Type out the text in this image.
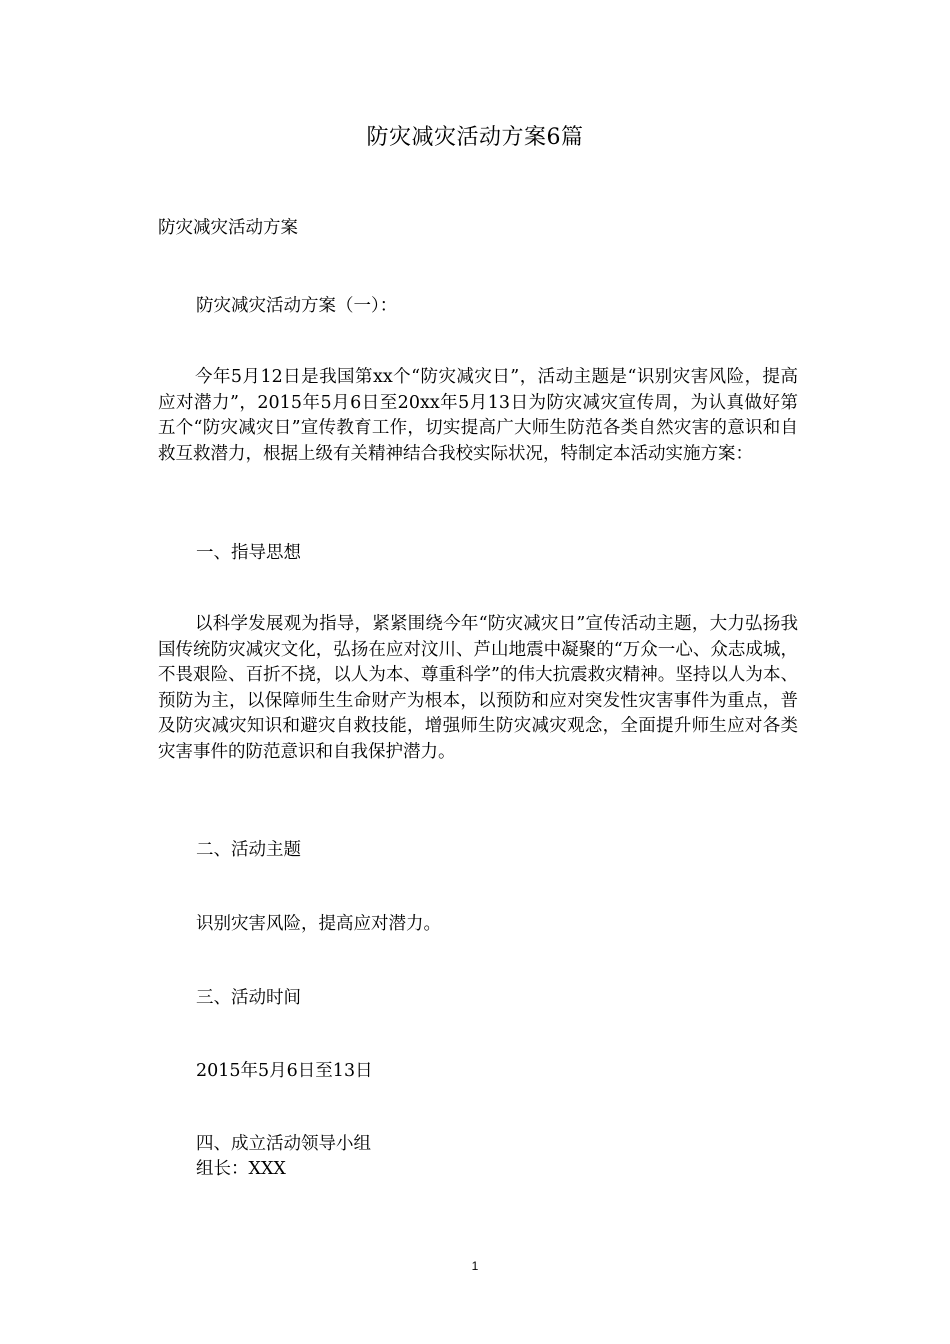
防灾减灾活动方案6篇
防灾减灾活动方案
防灾减灾活动方案（一）：
今年5月12日是我国第xx个“防灾减灾日”，活动主题是“识别灾害风险，提高应对潜力”，2015年5月6日至20xx年5月13日为防灾减灾宣传周，为认真做好第五个“防灾减灾日”宣传教育工作，切实提高广大师生防范各类自然灾害的意识和自救互救潜力，根据上级有关精神结合我校实际状况，特制定本活动实施方案：
一、指导思想
以科学发展观为指导，紧紧围绕今年“防灾减灾日”宣传活动主题，大力弘扬我国传统防灾减灾文化，弘扬在应对汶川、芦山地震中凝聚的“万众一心、众志成城，不畏艰险、百折不挠，以人为本、尊重科学”的伟大抗震救灾精神。坚持以人为本、预防为主，以保障师生生命财产为根本，以预防和应对突发性灾害事件为重点，普及防灾减灾知识和避灾自救技能，增强师生防灾减灾观念，全面提升师生应对各类灾害事件的防范意识和自我保护潜力。
二、活动主题
识别灾害风险，提高应对潜力。
三、活动时间
2015年5月6日至13日
四、成立活动领导小组
组长：XXX
1
